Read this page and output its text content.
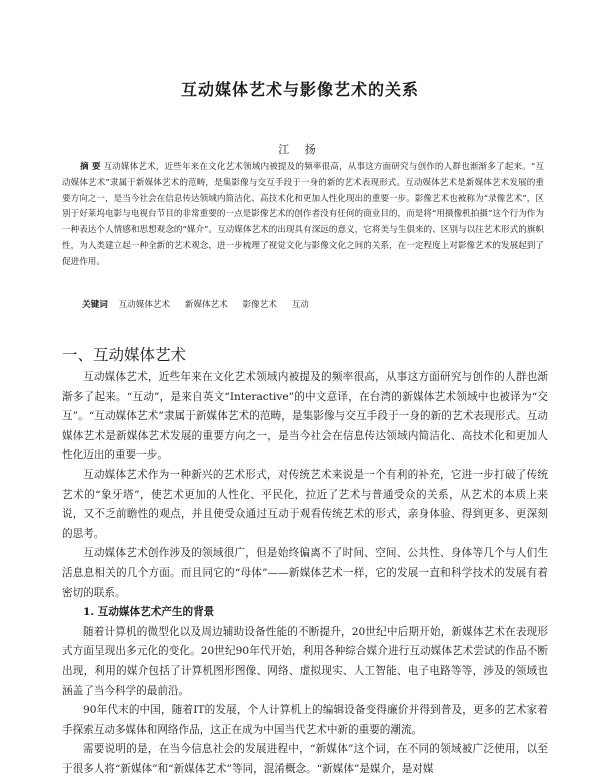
互动媒体艺术与影像艺术的关系
江 扬
摘 要 互动媒体艺术，近些年来在文化艺术领域内被提及的频率很高，从事这方面研究与创作的人群也渐渐多了起来。“互动媒体艺术”隶属于新媒体艺术的范畴，是集影像与交互手段于一身的新的艺术表现形式。互动媒体艺术是新媒体艺术发展的重要方向之一，是当今社会在信息传达领域内简洁化、高技术化和更加人性化现出的重要一步。影像艺术也被称为“录像艺术”，区别于好莱坞电影与电视台节目的非常重要的一点是影像艺术的创作者没有任何的商业目的，而是将“用摄像机拍摄”这个行为作为一种表达个人情感和思想观念的“媒介”。互动媒体艺术的出现具有深远的意义，它将美与生俱来的、区别与以往艺术形式的旗帜性，为人类建立起一种全新的艺术观念，进一步梳理了视觉文化与影像文化之间的关系，在一定程度上对影像艺术的发展起到了促进作用。
关键词 互动媒体艺术 新媒体艺术 影像艺术 互动
一、互动媒体艺术

互动媒体艺术，近些年来在文化艺术领域内被提及的频率很高，从事这方面研究与创作的人群也渐渐多了起来。“互动”，是来自英文“Interactive”的中文意译，在台湾的新媒体艺术领域中也被译为“交互”。“互动媒体艺术”隶属于新媒体艺术的范畴，是集影像与交互手段于一身的新的艺术表现形式。互动媒体艺术是新媒体艺术发展的重要方向之一，是当今社会在信息传达领域内简洁化、高技术化和更加人性化迈出的重要一步。

互动媒体艺术作为一种新兴的艺术形式，对传统艺术来说是一个有利的补充，它进一步打破了传统艺术的“象牙塔”，使艺术更加的人性化、平民化，拉近了艺术与普通受众的关系，从艺术的本质上来说，又不乏前瞻性的观点，并且使受众通过互动于观看传统艺术的形式，亲身体验、得到更多、更深刻的思考。

互动媒体艺术创作涉及的领域很广，但是始终偏离不了时间、空间、公共性、身体等几个与人们生活息息相关的几个方面。而且同它的“母体”——新媒体艺术一样，它的发展一直和科学技术的发展有着密切的联系。

1. 互动媒体艺术产生的背景

随着计算机的微型化以及周边辅助设备性能的不断提升，20世纪中后期开始，新媒体艺术在表现形式方面呈现出多元化的变化。20世纪90年代开始，利用各种综合媒介进行互动媒体艺术尝试的作品不断出现，利用的媒介包括了计算机图形图像、网络、虚拟现实、人工智能、电子电路等等，涉及的领域也涵盖了当今科学的最前沿。

90年代末的中国，随着IT的发展，个人计算机上的编辑设备变得廉价并得到普及，更多的艺术家着手探索互动多媒体和网络作品，这正在成为中国当代艺术中新的重要的潮流。

需要说明的是，在当今信息社会的发展进程中，“新媒体”这个词，在不同的领域被广泛使用，以至于很多人将“新媒体”和“新媒体艺术”等同，混淆概念。“新媒体”是媒介，是对媒
